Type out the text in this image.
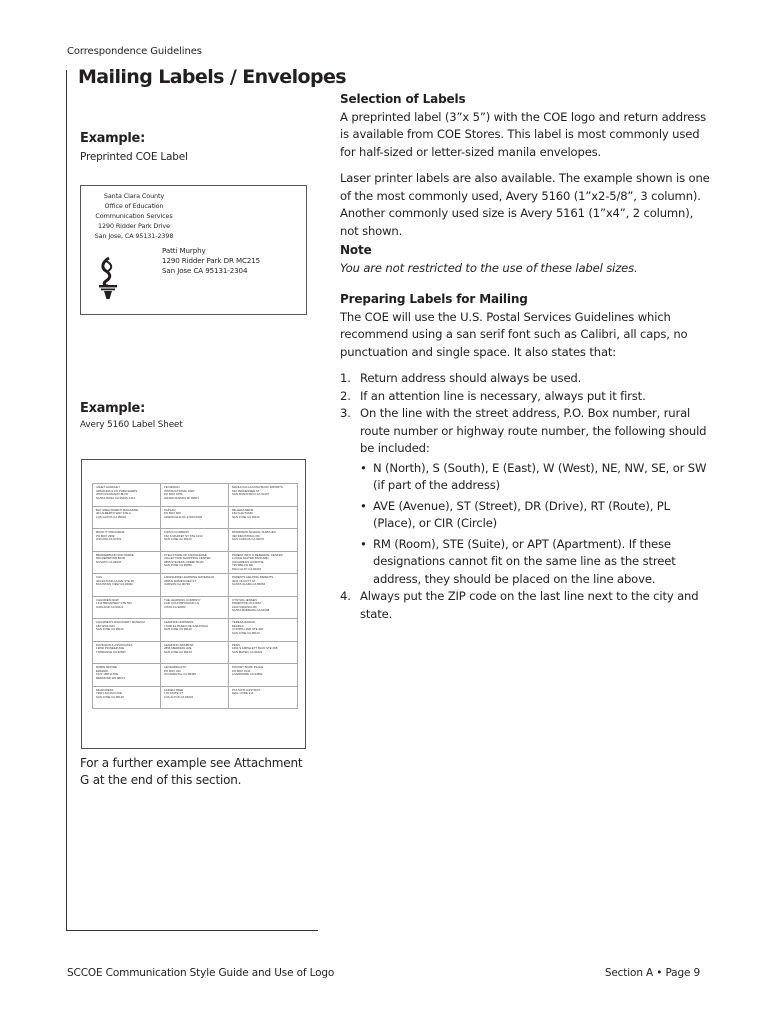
Correspondence Guidelines
Mailing Labels / Envelopes
Example:
Preprinted COE Label
Santa Clara County
Office of Education
Communication Services
1290 Ridder Park Drive
San Jose, CA 95131-2398
Patti Murphy
1290 Ridder Park DR MC215
San Jose CA 95131-2304
Example:
Avery 5160 Label Sheet
JANET GORDLEY
ARMANDA & CO PUBLISHERS
2000 COLORADO BLVD
SANTA ROSA CA 95405-7413
TE DESIGN
INSTRUCTIONAL FAIR
PO BOX 1650
GRAND RAPIDS MI 49501
MANUCCIA LACONA BOOK IMPORTS
610 TENNESSEE ST
SAN FRANCISCO CA 94107
BAY AREA PARENT MAGAZINE
401 ALBERTO WAY STE A
LOS GATOS CA 95032
KAPLAN
PO BOX 609
LEWISVILLE NC 27023-0609
MILLERA MENS
150 N AUTUMN
SAN JOSE CA 95110
BOOK IT! PROGRAM
PO BOX 2999
WICHITA KS 67201
KIDS IN COMMON
152 S MARKET ST STE 1010
SAN JOSE CA 95113
MORRISON SCHOOL SUPPLIES
490 INDUSTRIAL RD
SAN CARLOS CA 94070
BRODERBUND SOFTWARE
500 REDWOOD BLVD
NOVATO CA 94947
KTEH STORE OF KNOWLEDGE
VALLEY FAIR SHOPPING CENTER
2855 STEVENS CREEK BLVD
SAN JOSE CA 95050
PARENT INFO & REFERRAL CENTER
LUCILE SALTER PACKARD
CHILDREN'S HOSPITAL
725 WELCH RD
PALO ALTO CA 94304
CAG
400 ESTUDILLA AVE STE 18
MOUNTAIN VIEW CA 94040
LAKESHORE LEARNING MATERIALS
2695 E DOMINGUEZ ST
CARSON CA 90749
PARENTS HELPING PARENTS
3041 OLCOTT ST
SANTA CLARA CA 95054
CHILDREN NOW
1212 BROADWAY STE 530
OAKLAND CA 94612
THE LEARNING COMPANY
1140 COUNTRYWOOD LN
VISTA CA 92083
CYNTHIA JENSEN
PARENTING IN FIRST
1000 VIRGINIA RD
SANTA BARBARA CA 93108
CHILDREN'S DISCOVERY MUSEUM
180 WOZ WAY
SAN JOSE CA 95110
LEARNING EXPRESS
17000 EL PASEO DE SARATOGA
SAN JOSE CA 95119
TERESA RANCID
PEARLS
4 NORTH 2ND STE 400
SAN JOSE CA 95113
DAVIDSON & ASSOCIATES
19840 PIONEER AVE
TORRANCE CA 90503
LEARNING RAINBOW
2856 MERIDIAN AVE
SAN JOSE CA 95124
PERS
1660 S AMPHLETT BLVD STE 268
SAN MATEO CA 94402
ROBIN MOORE
EDMARK
6727 185TH AVE
REDMOND WA 98073
LEONARDA ETC
PO BOX 420
OCCIDENTAL CA 95465
POCKET BOOK PLACE
PO BOX 3143
LIVERMORE CA 94551
MICRODESK
7393 LINCOLN AVE
SAN JOSE CA 95125
LINDEN TREE
170 STATE ST
LOS ALTOS CA 94022
PTA SIXTH DISTRICT
MAIL CODE 214
For a further example see Attachment G at the end of this section.
Selection of Labels
A preprinted label (3”x 5”) with the COE logo and return address is available from COE Stores. This label is most commonly used for half-sized or letter-sized manila envelopes.
Laser printer labels are also available. The example shown is one of the most commonly used, Avery 5160 (1”x2-5/8”, 3 column). Another commonly used size is Avery 5161 (1”x4”, 2 column), not shown.
Note
You are not restricted to the use of these label sizes.
Preparing Labels for Mailing
The COE will use the U.S. Postal Services Guidelines which recommend using a san serif font such as Calibri, all caps, no punctuation and single space. It also states that:
1. Return address should always be used.
2. If an attention line is necessary, always put it first.
3. On the line with the street address, P.O. Box number, rural route number or highway route number, the following should be included:
• N (North), S (South), E (East), W (West), NE, NW, SE, or SW (if part of the address)
• AVE (Avenue), ST (Street), DR (Drive), RT (Route), PL (Place), or CIR (Circle)
• RM (Room), STE (Suite), or APT (Apartment). If these designations cannot fit on the same line as the street address, they should be placed on the line above.
4. Always put the ZIP code on the last line next to the city and state.
SCCOE Communication Style Guide and Use of Logo	Section A • Page 9
